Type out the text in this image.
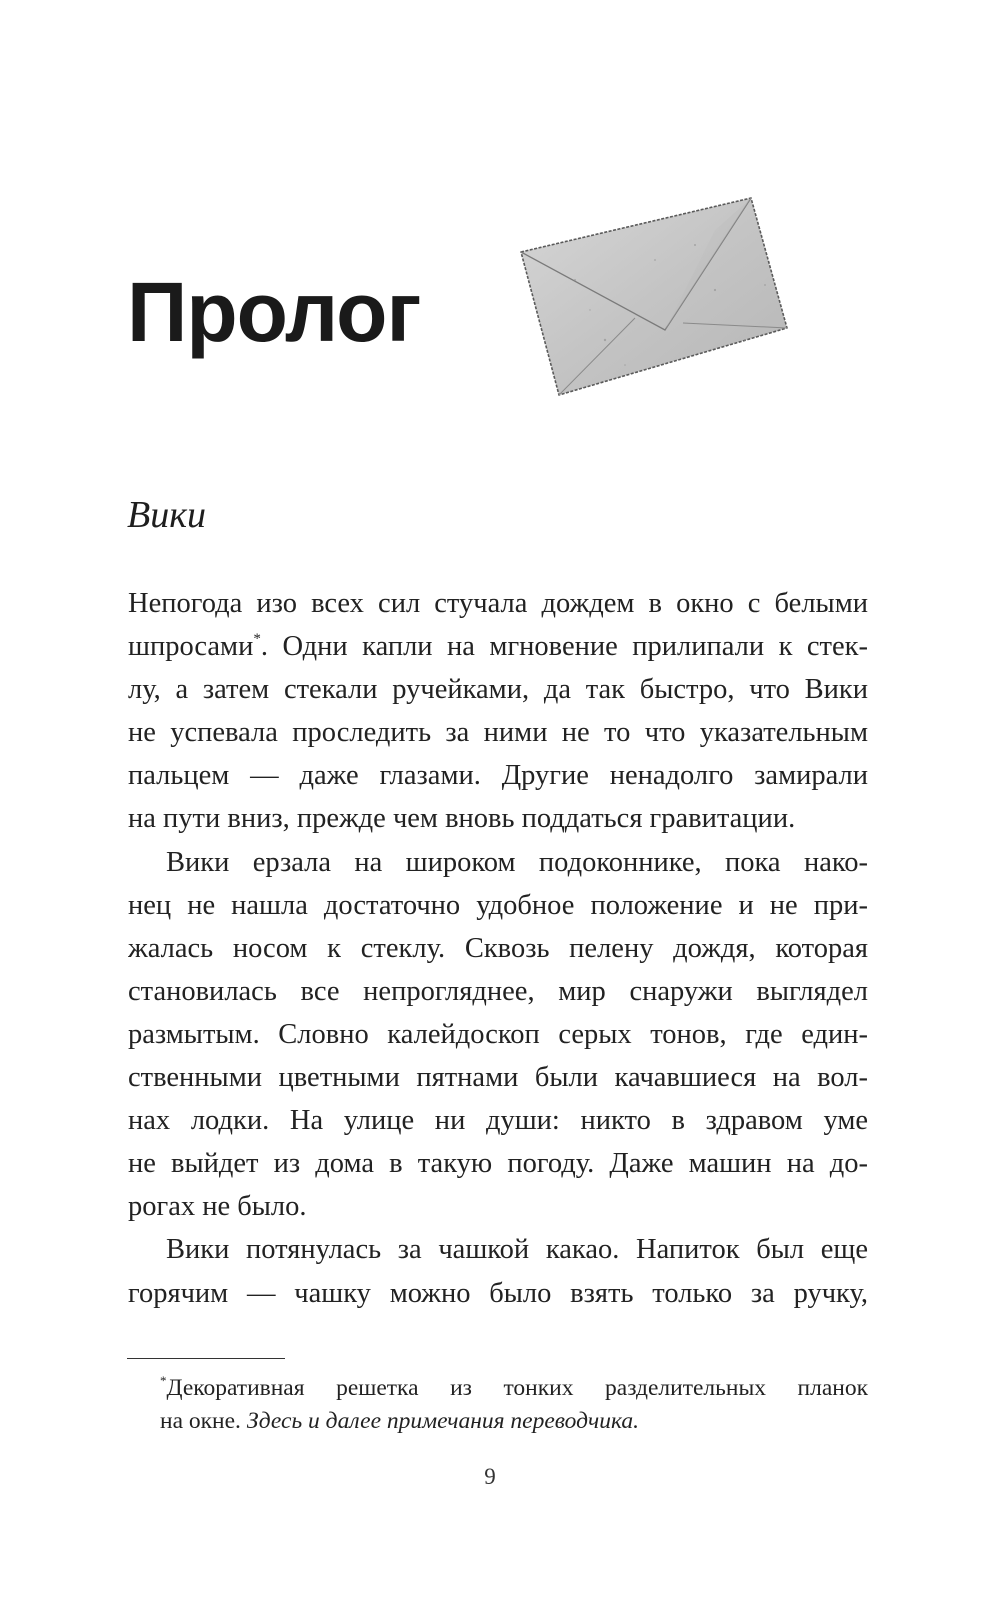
Пролог
Вики
Непогода изо всех сил стучала дождем в окно с белыми
шпросами*. Одни капли на мгновение прилипали к стек-
лу, а затем стекали ручейками, да так быстро, что Вики
не успевала проследить за ними не то что указательным
пальцем — даже глазами. Другие ненадолго замирали
на пути вниз, прежде чем вновь поддаться гравитации.
Вики ерзала на широком подоконнике, пока нако-
нец не нашла достаточно удобное положение и не при-
жалась носом к стеклу. Сквозь пелену дождя, которая
становилась все непрогляднее, мир снаружи выглядел
размытым. Словно калейдоскоп серых тонов, где един-
ственными цветными пятнами были качавшиеся на вол-
нах лодки. На улице ни души: никто в здравом уме
не выйдет из дома в такую погоду. Даже машин на до-
рогах не было.
Вики потянулась за чашкой какао. Напиток был еще
горячим — чашку можно было взять только за ручку,
*Декоративная решетка из тонких разделительных планок
на окне. Здесь и далее примечания переводчика.
9
